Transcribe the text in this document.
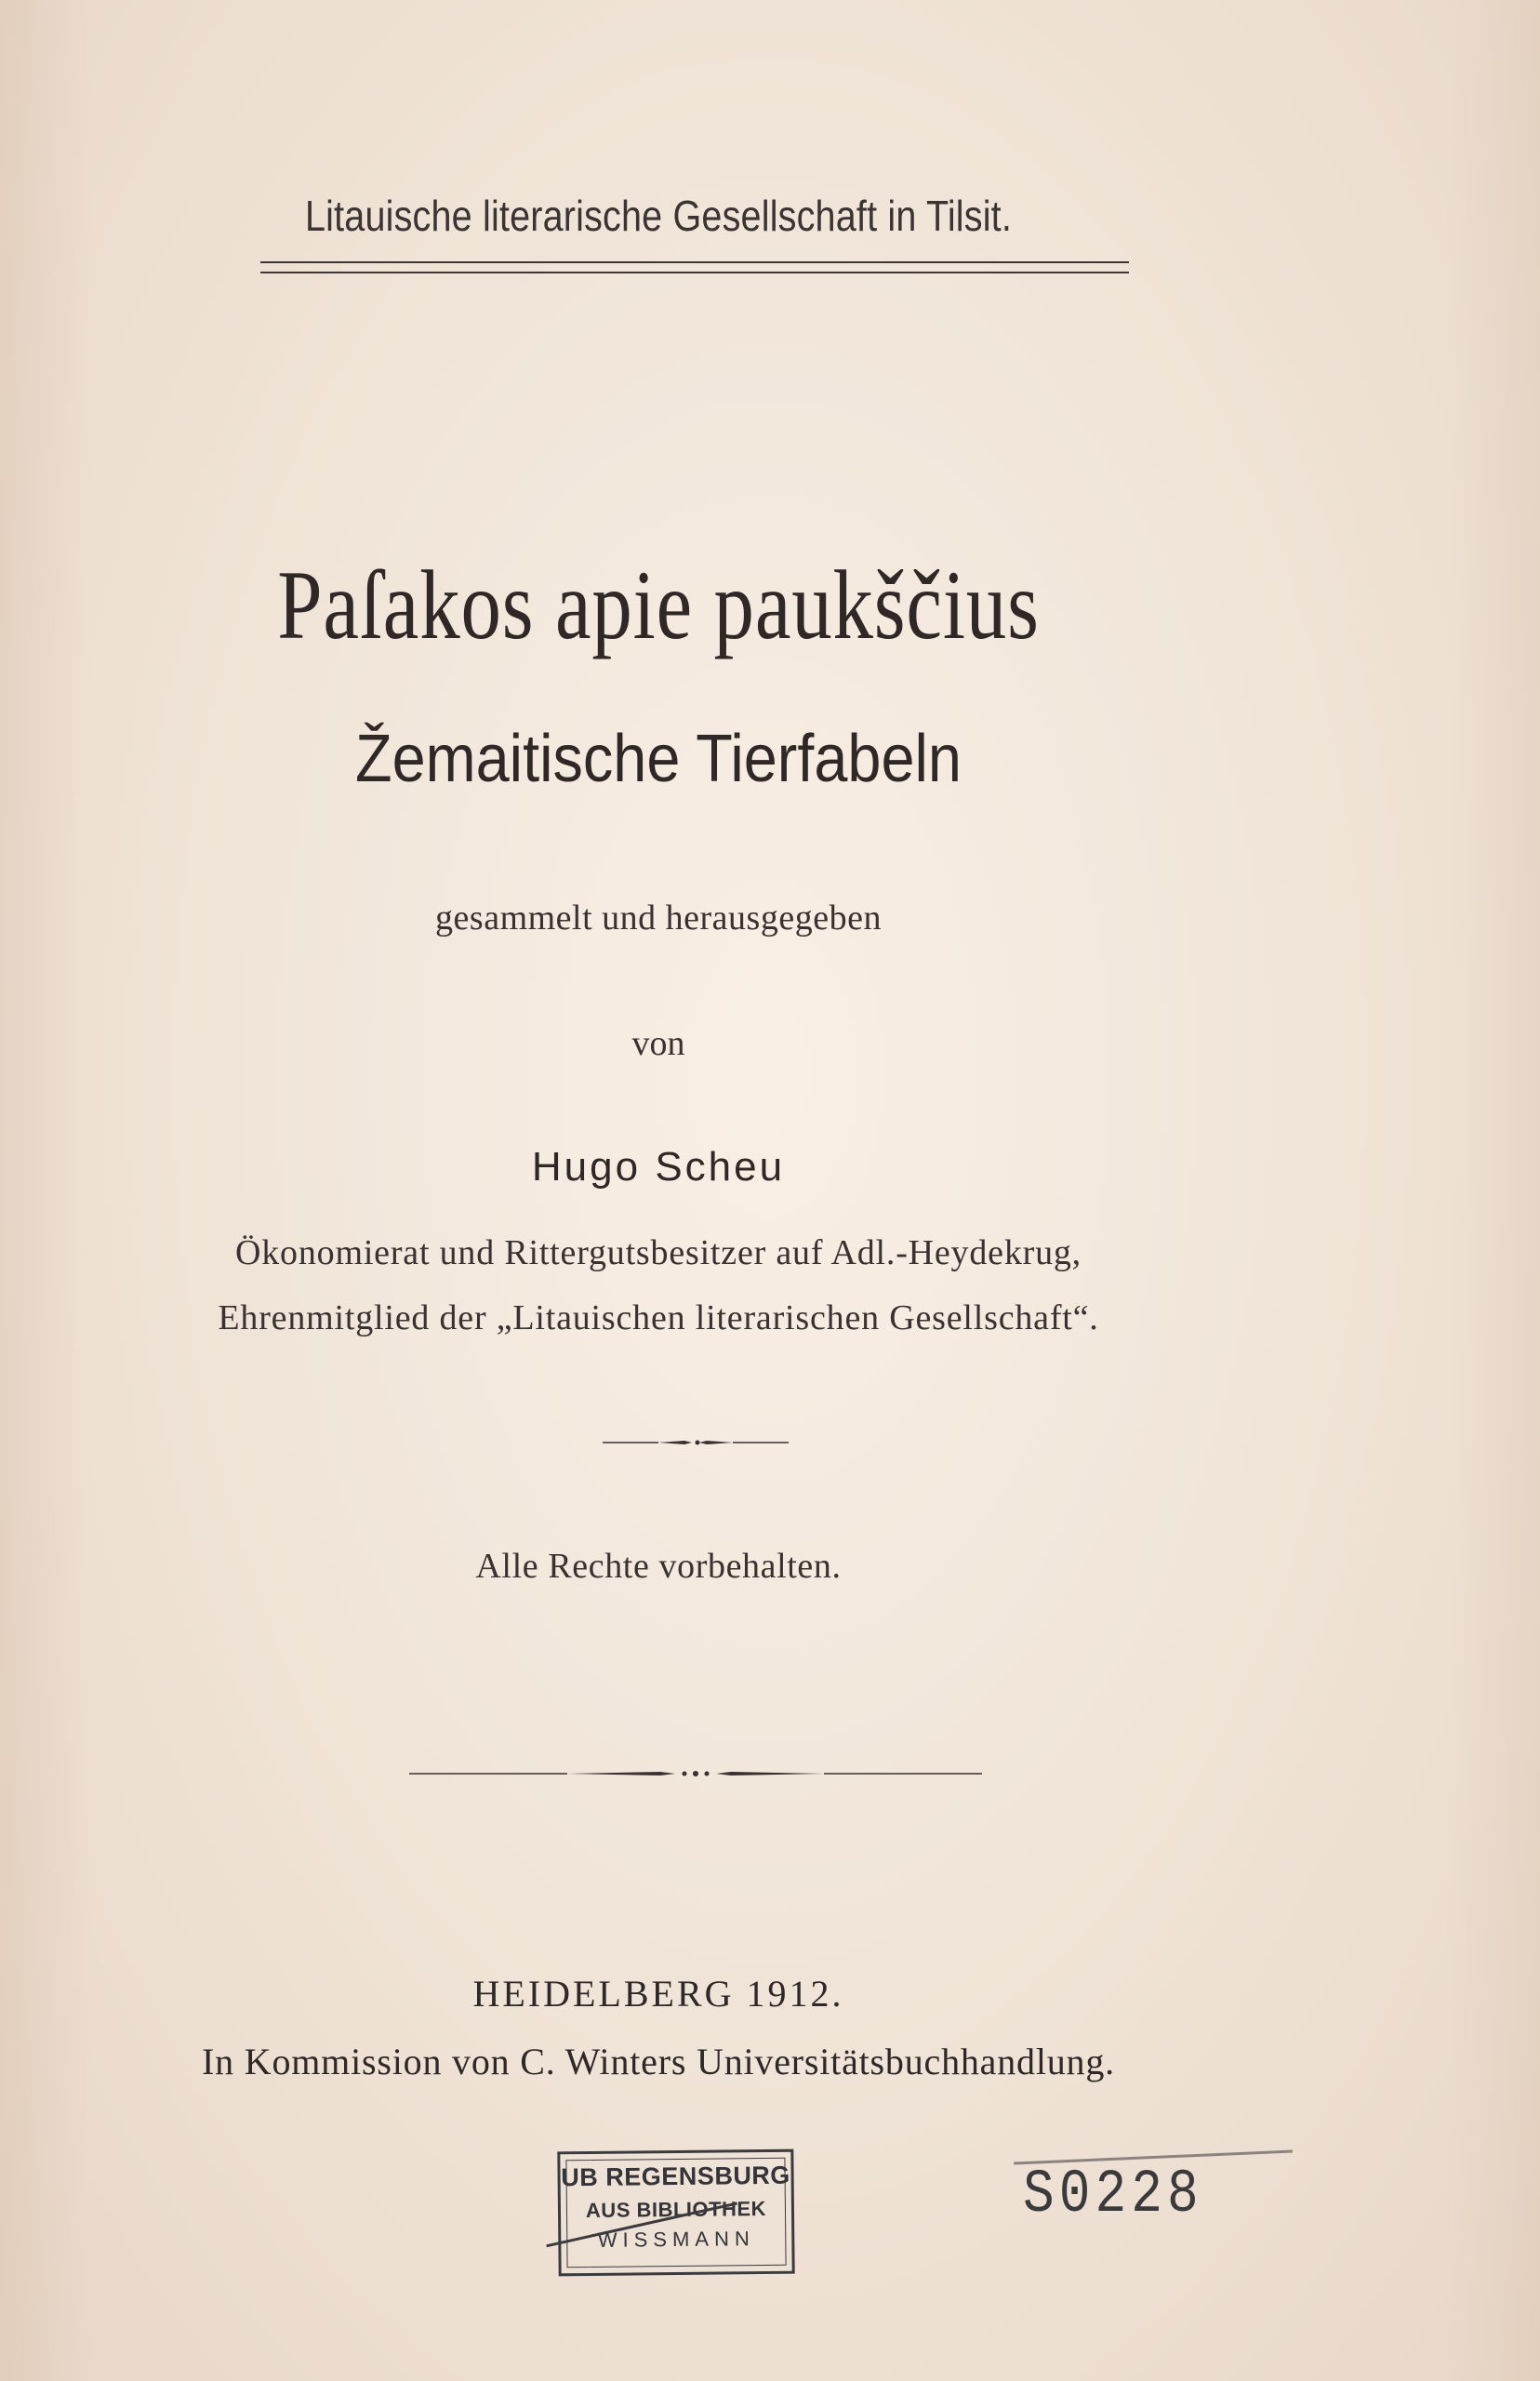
Litauische literarische Gesellschaft in Tilsit.
Paſakos apie paukščius
Žemaitische Tierfabeln
gesammelt und herausgegeben
von
Hugo Scheu
Ökonomierat und Rittergutsbesitzer auf Adl.-Heydekrug,
Ehrenmitglied der „Litauischen literarischen Gesellschaft“.
Alle Rechte vorbehalten.
HEIDELBERG 1912.
In Kommission von C. Winters Universitätsbuchhandlung.
UB REGENSBURG
AUS BIBLIOTHEK
WISSMANN
S0228
